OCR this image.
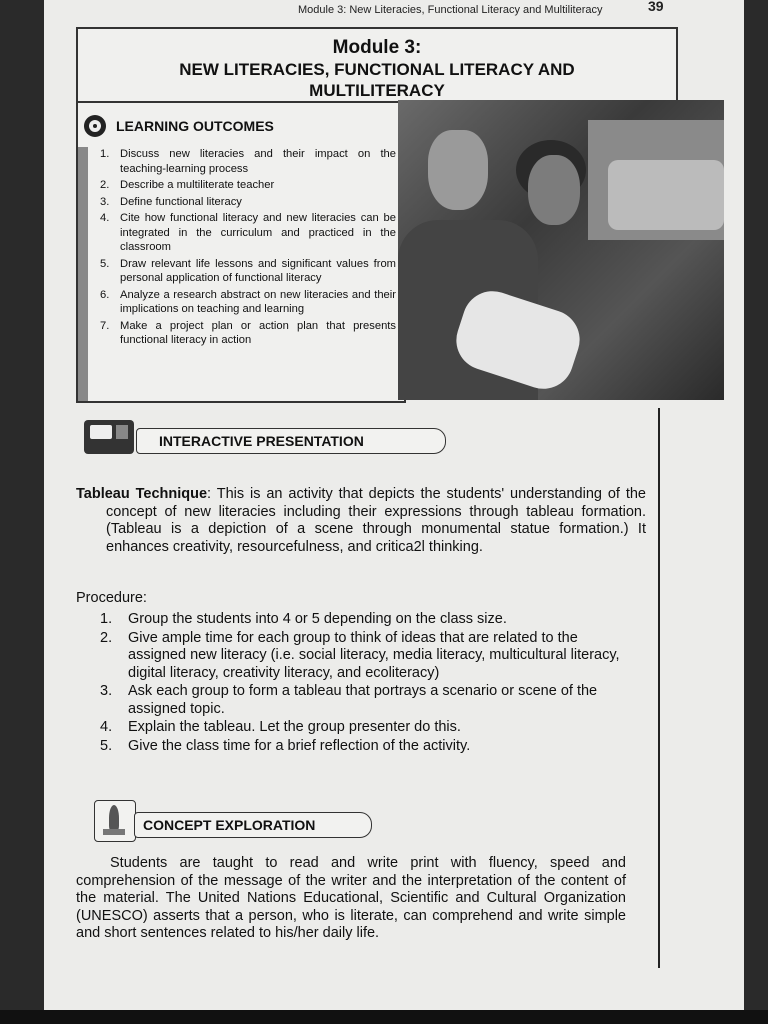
Module 3: New Literacies, Functional Literacy and Multiliteracy	39
Module 3:
NEW LITERACIES, FUNCTIONAL LITERACY AND MULTILITERACY
LEARNING OUTCOMES
1. Discuss new literacies and their impact on the teaching-learning process
2. Describe a multiliterate teacher
3. Define functional literacy
4. Cite how functional literacy and new literacies can be integrated in the curriculum and practiced in the classroom
5. Draw relevant life lessons and significant values from personal application of functional literacy
6. Analyze a research abstract on new literacies and their implications on teaching and learning
7. Make a project plan or action plan that presents functional literacy in action
INTERACTIVE PRESENTATION
Tableau Technique: This is an activity that depicts the students' understanding of the concept of new literacies including their expressions through tableau formation. (Tableau is a depiction of a scene through monumental statue formation.) It enhances creativity, resourcefulness, and critica2l thinking.
Procedure:
1. Group the students into 4 or 5 depending on the class size.
2. Give ample time for each group to think of ideas that are related to the assigned new literacy (i.e. social literacy, media literacy, multicultural literacy, digital literacy, creativity literacy, and ecoliteracy)
3. Ask each group to form a tableau that portrays a scenario or scene of the assigned topic.
4. Explain the tableau. Let the group presenter do this.
5. Give the class time for a brief reflection of the activity.
CONCEPT EXPLORATION
Students are taught to read and write print with fluency, speed and comprehension of the message of the writer and the interpretation of the content of the material. The United Nations Educational, Scientific and Cultural Organization (UNESCO) asserts that a person, who is literate, can comprehend and write simple and short sentences related to his/her daily life.
